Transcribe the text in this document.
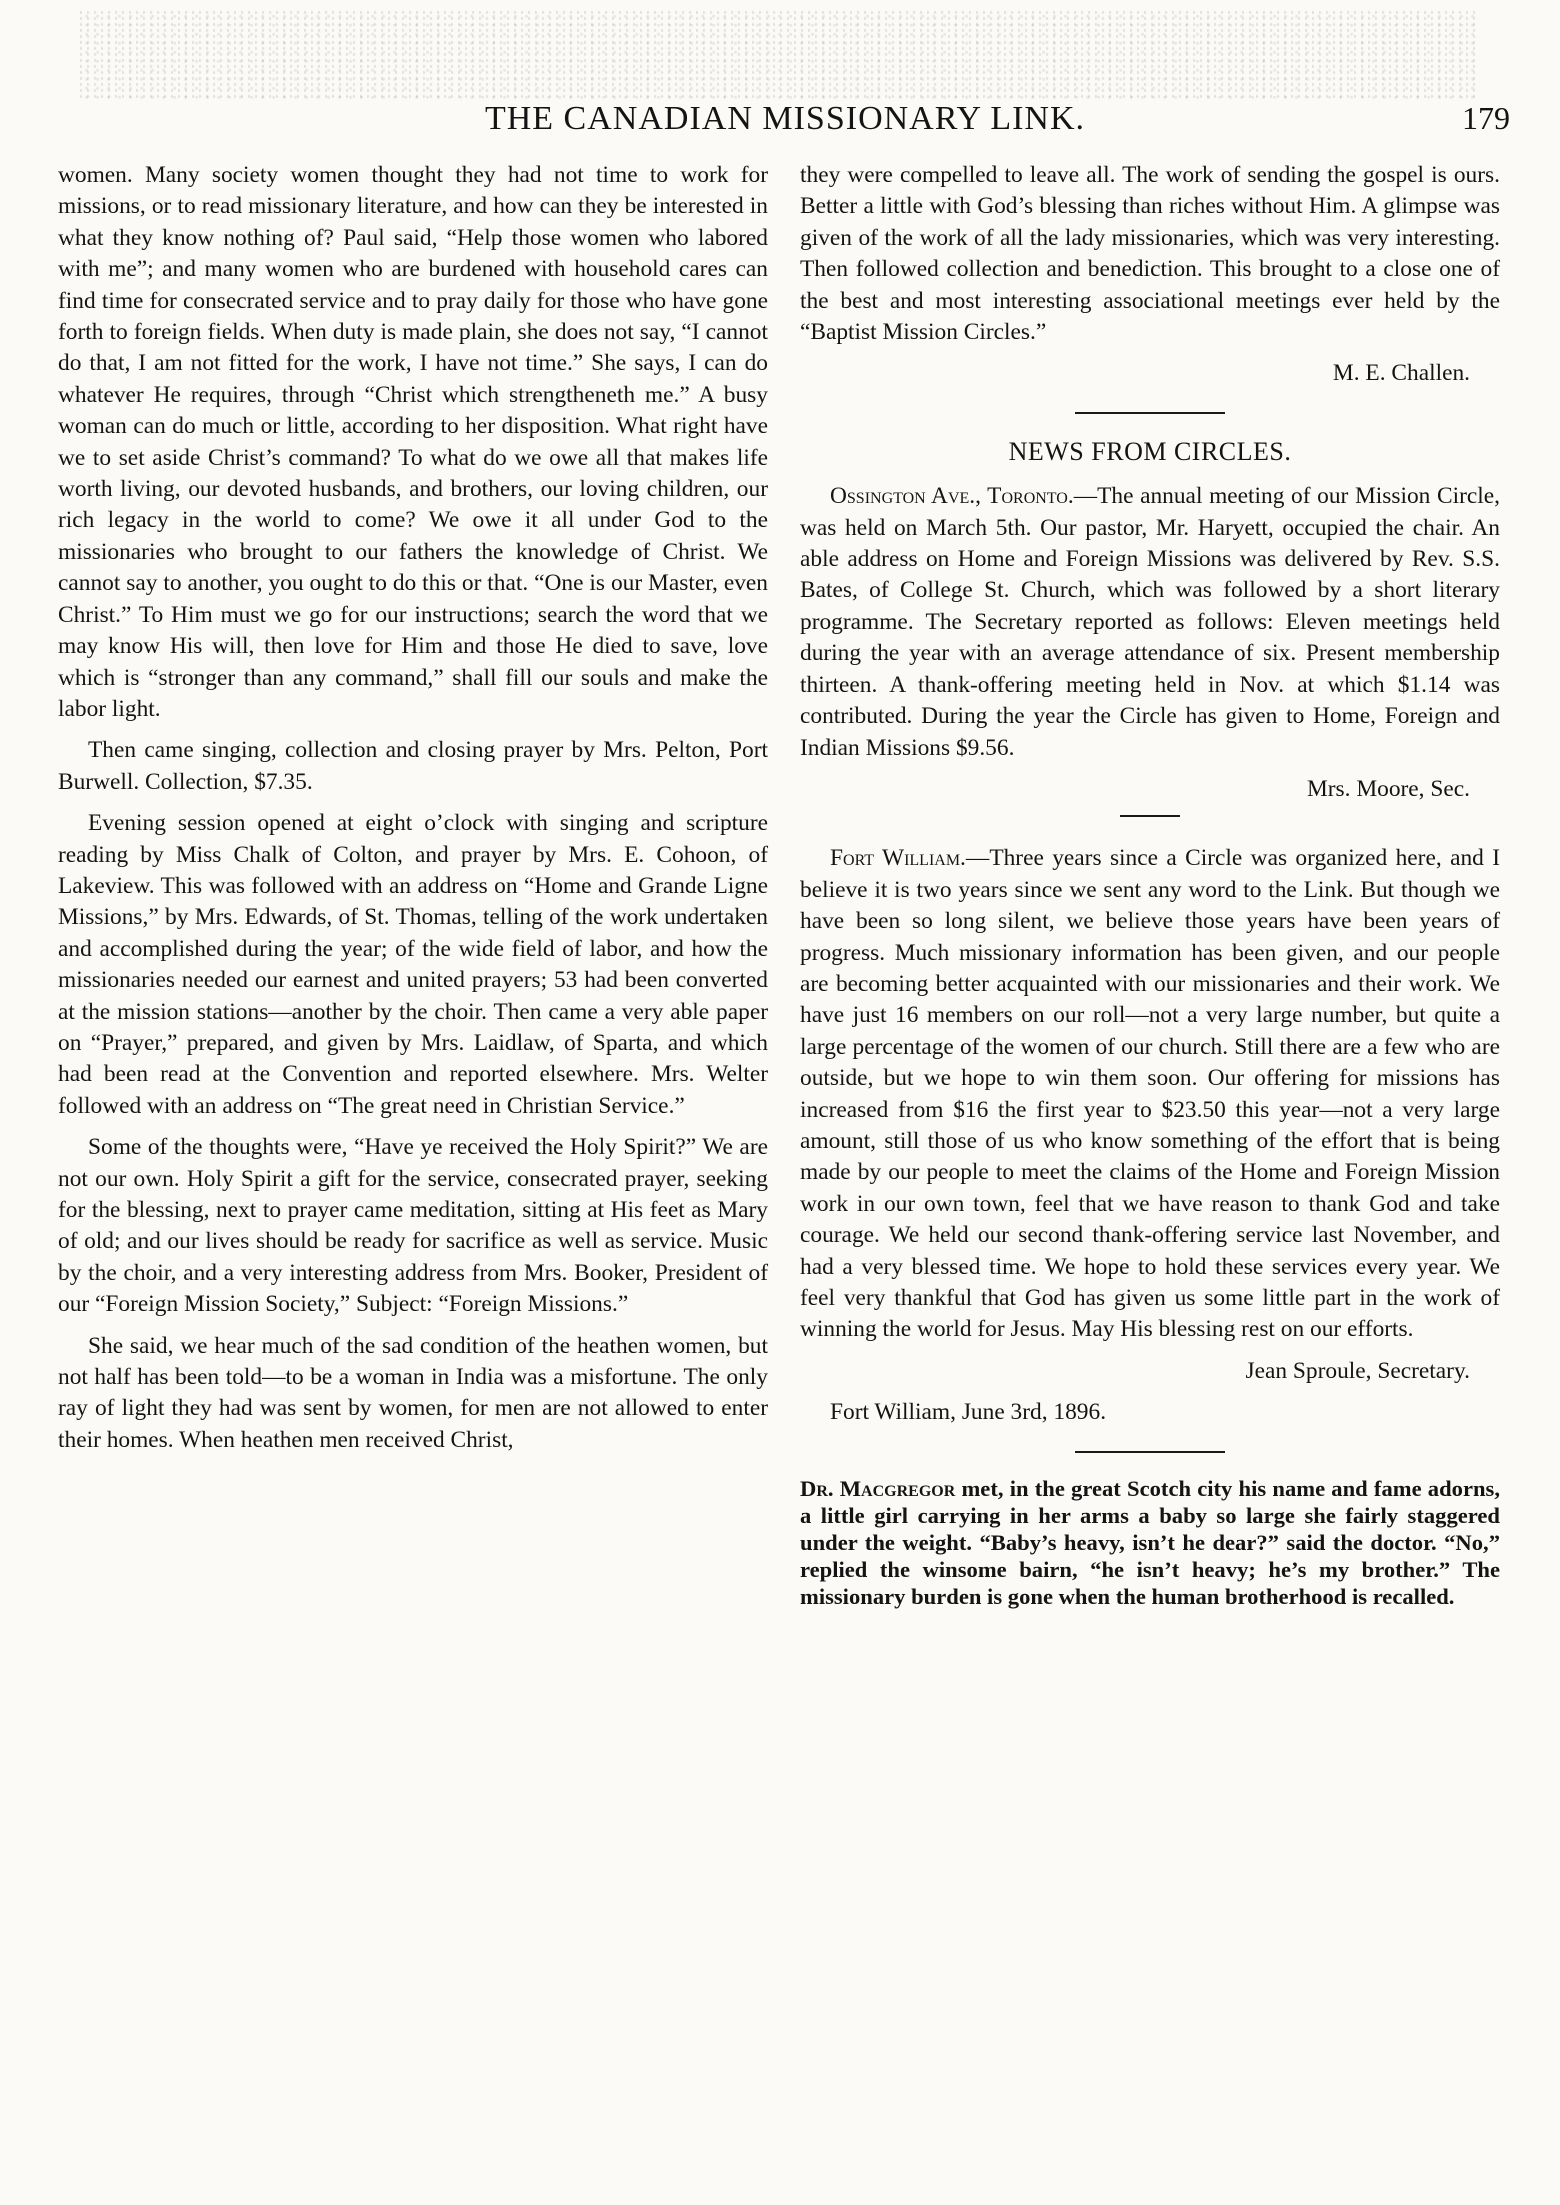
THE CANADIAN MISSIONARY LINK.	179

women. Many society women thought they had not time to work for missions, or to read missionary literature, and how can they be interested in what they know nothing of? Paul said, “Help those women who labored with me”; and many women who are burdened with household cares can find time for consecrated service and to pray daily for those who have gone forth to foreign fields. When duty is made plain, she does not say, “I cannot do that, I am not fitted for the work, I have not time.” She says, I can do whatever He requires, through “Christ which strengtheneth me.” A busy woman can do much or little, according to her disposition. What right have we to set aside Christ’s command? To what do we owe all that makes life worth living, our devoted husbands, and brothers, our loving children, our rich legacy in the world to come? We owe it all under God to the missionaries who brought to our fathers the knowledge of Christ. We cannot say to another, you ought to do this or that. “One is our Master, even Christ.” To Him must we go for our instructions; search the word that we may know His will, then love for Him and those He died to save, love which is “stronger than any command,” shall fill our souls and make the labor light.

Then came singing, collection and closing prayer by Mrs. Pelton, Port Burwell. Collection, $7.35.

Evening session opened at eight o’clock with singing and scripture reading by Miss Chalk of Colton, and prayer by Mrs. E. Cohoon, of Lakeview. This was followed with an address on “Home and Grande Ligne Missions,” by Mrs. Edwards, of St. Thomas, telling of the work undertaken and accomplished during the year; of the wide field of labor, and how the missionaries needed our earnest and united prayers; 53 had been converted at the mission stations—another by the choir. Then came a very able paper on “Prayer,” prepared, and given by Mrs. Laidlaw, of Sparta, and which had been read at the Convention and reported elsewhere. Mrs. Welter followed with an address on “The great need in Christian Service.”

Some of the thoughts were, “Have ye received the Holy Spirit?” We are not our own. Holy Spirit a gift for the service, consecrated prayer, seeking for the blessing, next to prayer came meditation, sitting at His feet as Mary of old; and our lives should be ready for sacrifice as well as service. Music by the choir, and a very interesting address from Mrs. Booker, President of our “Foreign Mission Society,” Subject: “Foreign Missions.”

She said, we hear much of the sad condition of the heathen women, but not half has been told—to be a woman in India was a misfortune. The only ray of light they had was sent by women, for men are not allowed to enter their homes. When heathen men received Christ,

they were compelled to leave all. The work of sending the gospel is ours. Better a little with God’s blessing than riches without Him. A glimpse was given of the work of all the lady missionaries, which was very interesting. Then followed collection and benediction. This brought to a close one of the best and most interesting associational meetings ever held by the “Baptist Mission Circles.”

M. E. Challen.
NEWS FROM CIRCLES.

Ossington Ave., Toronto.—The annual meeting of our Mission Circle, was held on March 5th. Our pastor, Mr. Haryett, occupied the chair. An able address on Home and Foreign Missions was delivered by Rev. S.S. Bates, of College St. Church, which was followed by a short literary programme. The Secretary reported as follows: Eleven meetings held during the year with an average attendance of six. Present membership thirteen. A thank-offering meeting held in Nov. at which $1.14 was contributed. During the year the Circle has given to Home, Foreign and Indian Missions $9.56.

Mrs. Moore, Sec.

Fort William.—Three years since a Circle was organized here, and I believe it is two years since we sent any word to the Link. But though we have been so long silent, we believe those years have been years of progress. Much missionary information has been given, and our people are becoming better acquainted with our missionaries and their work. We have just 16 members on our roll—not a very large number, but quite a large percentage of the women of our church. Still there are a few who are outside, but we hope to win them soon. Our offering for missions has increased from $16 the first year to $23.50 this year—not a very large amount, still those of us who know something of the effort that is being made by our people to meet the claims of the Home and Foreign Mission work in our own town, feel that we have reason to thank God and take courage. We held our second thank-offering service last November, and had a very blessed time. We hope to hold these services every year. We feel very thankful that God has given us some little part in the work of winning the world for Jesus. May His blessing rest on our efforts.

Jean Sproule, Secretary.
Fort William, June 3rd, 1896.

Dr. Macgregor met, in the great Scotch city his name and fame adorns, a little girl carrying in her arms a baby so large she fairly staggered under the weight. “Baby’s heavy, isn’t he dear?” said the doctor. “No,” replied the winsome bairn, “he isn’t heavy; he’s my brother.” The missionary burden is gone when the human brotherhood is recalled.
